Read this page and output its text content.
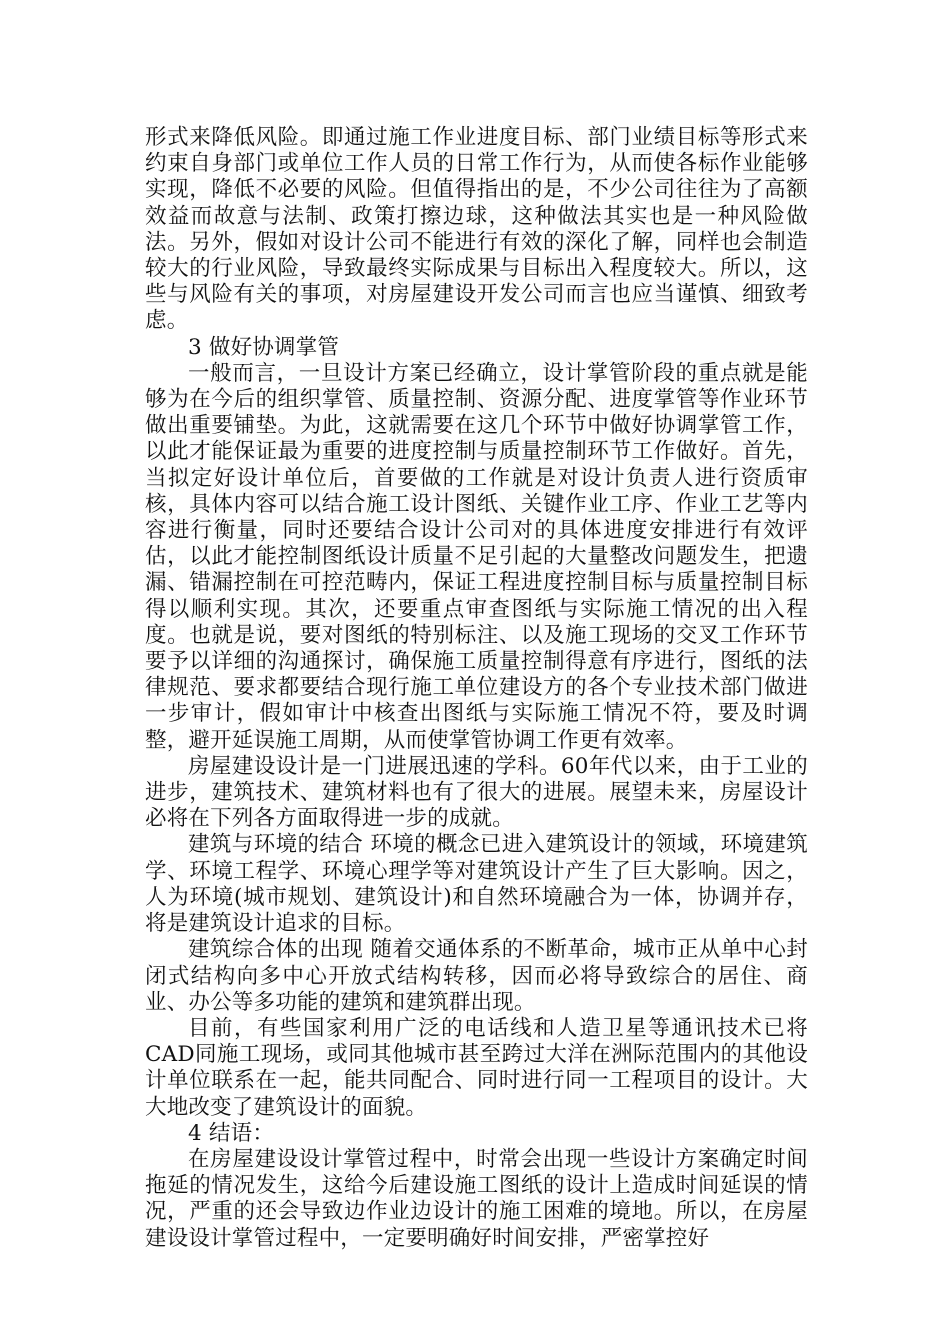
形式来降低风险。即通过施工作业进度目标、部门业绩目标等形式来约束自身部门或单位工作人员的日常工作行为，从而使各标作业能够实现，降低不必要的风险。但值得指出的是，不少公司往往为了高额效益而故意与法制、政策打擦边球，这种做法其实也是一种风险做法。另外，假如对设计公司不能进行有效的深化了解，同样也会制造较大的行业风险，导致最终实际成果与目标出入程度较大。所以，这些与风险有关的事项，对房屋建设开发公司而言也应当谨慎、细致考虑。

3 做好协调掌管

一般而言，一旦设计方案已经确立，设计掌管阶段的重点就是能够为在今后的组织掌管、质量控制、资源分配、进度掌管等作业环节做出重要铺垫。为此，这就需要在这几个环节中做好协调掌管工作，以此才能保证最为重要的进度控制与质量控制环节工作做好。首先，当拟定好设计单位后，首要做的工作就是对设计负责人进行资质审核，具体内容可以结合施工设计图纸、关键作业工序、作业工艺等内容进行衡量，同时还要结合设计公司对的具体进度安排进行有效评估，以此才能控制图纸设计质量不足引起的大量整改问题发生，把遗漏、错漏控制在可控范畴内，保证工程进度控制目标与质量控制目标得以顺利实现。其次，还要重点审查图纸与实际施工情况的出入程度。也就是说，要对图纸的特别标注、以及施工现场的交叉工作环节要予以详细的沟通探讨，确保施工质量控制得意有序进行，图纸的法律规范、要求都要结合现行施工单位建设方的各个专业技术部门做进一步审计，假如审计中核查出图纸与实际施工情况不符，要及时调整，避开延误施工周期，从而使掌管协调工作更有效率。

房屋建设设计是一门进展迅速的学科。60年代以来，由于工业的进步，建筑技术、建筑材料也有了很大的进展。展望未来，房屋设计必将在下列各方面取得进一步的成就。

建筑与环境的结合 环境的概念已进入建筑设计的领域，环境建筑学、环境工程学、环境心理学等对建筑设计产生了巨大影响。因之，人为环境(城市规划、建筑设计)和自然环境融合为一体，协调并存，将是建筑设计追求的目标。

建筑综合体的出现 随着交通体系的不断革命，城市正从单中心封闭式结构向多中心开放式结构转移，因而必将导致综合的居住、商业、办公等多功能的建筑和建筑群出现。

目前，有些国家利用广泛的电话线和人造卫星等通讯技术已将CAD同施工现场，或同其他城市甚至跨过大洋在洲际范围内的其他设计单位联系在一起，能共同配合、同时进行同一工程项目的设计。大大地改变了建筑设计的面貌。

4 结语：

在房屋建设设计掌管过程中，时常会出现一些设计方案确定时间拖延的情况发生，这给今后建设施工图纸的设计上造成时间延误的情况，严重的还会导致边作业边设计的施工困难的境地。所以，在房屋建设设计掌管过程中，一定要明确好时间安排，严密掌控好
